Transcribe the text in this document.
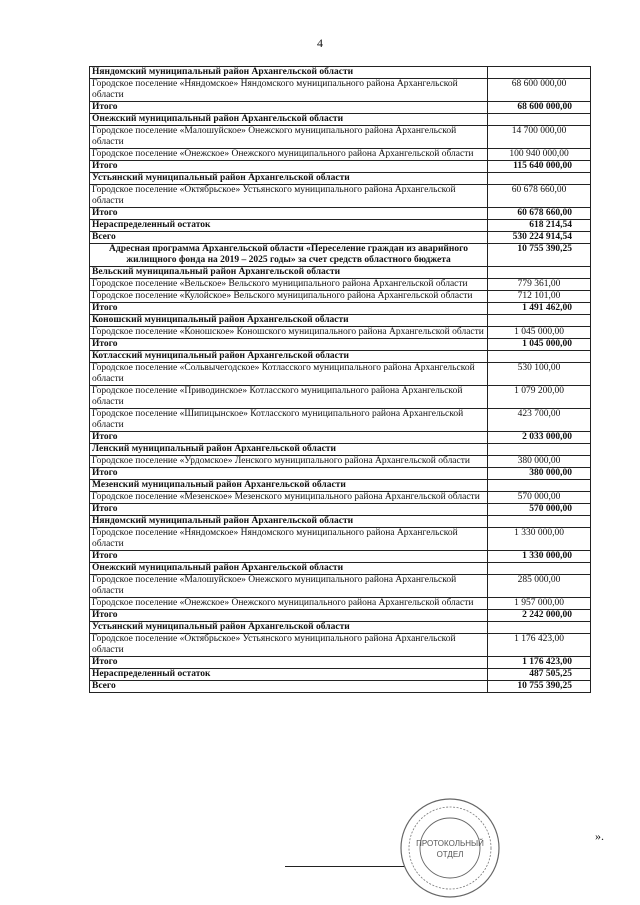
4
Няндомский муниципальный район Архангельской области	
Городское поселение «Няндомское» Няндомского муниципального района Архангельской области	68 600 000,00
Итого	68 600 000,00
Онежский муниципальный район Архангельской области	
Городское поселение «Малошуйское» Онежского муниципального района Архангельской области	14 700 000,00
Городское поселение «Онежское» Онежского муниципального района Архангельской области	100 940 000,00
Итого	115 640 000,00
Устьянский муниципальный район Архангельской области	
Городское поселение «Октябрьское» Устьянского муниципального района Архангельской области	60 678 660,00
Итого	60 678 660,00
Нераспределенный остаток	618 214,54
Всего	530 224 914,54
Адресная программа Архангельской области «Переселение граждан из аварийного жилищного фонда на 2019 – 2025 годы» за счет средств областного бюджета	10 755 390,25
Вельский муниципальный район Архангельской области	
Городское поселение «Вельское» Вельского муниципального района Архангельской области	779 361,00
Городское поселение «Кулойское» Вельского муниципального района Архангельской области	712 101,00
Итого	1 491 462,00
Коношский муниципальный район Архангельской области	
Городское поселение «Коношское» Коношского муниципального района Архангельской области	1 045 000,00
Итого	1 045 000,00
Котласский муниципальный район Архангельской области	
Городское поселение «Сольвычегодское» Котласского муниципального района Архангельской области	530 100,00
Городское поселение «Приводинское» Котласского муниципального района Архангельской области	1 079 200,00
Городское поселение «Шипицынское» Котласского муниципального района Архангельской области	423 700,00
Итого	2 033 000,00
Ленский муниципальный район Архангельской области	
Городское поселение «Урдомское» Ленского муниципального района Архангельской области	380 000,00
Итого	380 000,00
Мезенский муниципальный район Архангельской области	
Городское поселение «Мезенское» Мезенского муниципального района Архангельской области	570 000,00
Итого	570 000,00
Няндомский муниципальный район Архангельской области	
Городское поселение «Няндомское» Няндомского муниципального района Архангельской области	1 330 000,00
Итого	1 330 000,00
Онежский муниципальный район Архангельской области	
Городское поселение «Малошуйское» Онежского муниципального района Архангельской области	285 000,00
Городское поселение «Онежское» Онежского муниципального района Архангельской области	1 957 000,00
Итого	2 242 000,00
Устьянский муниципальный район Архангельской области	
Городское поселение «Октябрьское» Устьянского муниципального района Архангельской области	1 176 423,00
Итого	1 176 423,00
Нераспределенный остаток	487 505,25
Всего	10 755 390,25
».
ПРОТОКОЛЬНЫЙ
ОТДЕЛ
